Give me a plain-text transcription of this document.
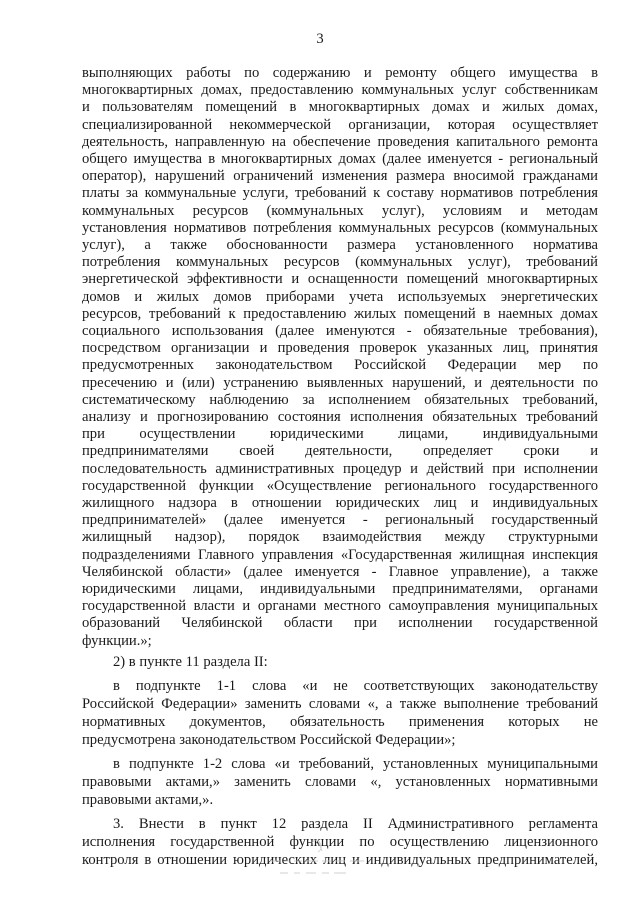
3
выполняющих работы по содержанию и ремонту общего имущества в
многоквартирных домах, предоставлению коммунальных услуг собственникам
и пользователям помещений в многоквартирных домах и жилых домах,
специализированной некоммерческой организации, которая осуществляет
деятельность, направленную на обеспечение проведения капитального ремонта
общего имущества в многоквартирных домах (далее именуется - региональный
оператор), нарушений ограничений изменения размера вносимой гражданами
платы за коммунальные услуги, требований к составу нормативов потребления
коммунальных ресурсов (коммунальных услуг), условиям и методам
установления нормативов потребления коммунальных ресурсов (коммунальных
услуг), а также обоснованности размера установленного норматива
потребления коммунальных ресурсов (коммунальных услуг), требований
энергетической эффективности и оснащенности помещений многоквартирных
домов и жилых домов приборами учета используемых энергетических
ресурсов, требований к предоставлению жилых помещений в наемных домах
социального использования (далее именуются - обязательные требования),
посредством организации и проведения проверок указанных лиц, принятия
предусмотренных законодательством Российской Федерации мер по
пресечению и (или) устранению выявленных нарушений, и деятельности по
систематическому наблюдению за исполнением обязательных требований,
анализу и прогнозированию состояния исполнения обязательных требований
при осуществлении юридическими лицами, индивидуальными
предпринимателями своей деятельности, определяет сроки и
последовательность административных процедур и действий при исполнении
государственной функции «Осуществление регионального государственного
жилищного надзора в отношении юридических лиц и индивидуальных
предпринимателей» (далее именуется - региональный государственный
жилищный надзор), порядок взаимодействия между структурными
подразделениями Главного управления «Государственная жилищная инспекция
Челябинской области» (далее именуется - Главное управление), а также
юридическими лицами, индивидуальными предпринимателями, органами
государственной власти и органами местного самоуправления муниципальных
образований Челябинской области при исполнении государственной
функции.»;
2) в пункте 11 раздела II:
в подпункте 1-1 слова «и не соответствующих законодательству
Российской Федерации» заменить словами «, а также выполнение требований
нормативных документов, обязательность применения которых не
предусмотрена законодательством Российской Федерации»;
в подпункте 1-2 слова «и требований, установленных муниципальными
правовыми актами,» заменить словами «, установленных нормативными
правовыми актами,».
3. Внести в пункт 12 раздела II Административного регламента
исполнения государственной функции по осуществлению лицензионного
контроля в отношении юридических лиц и индивидуальных предпринимателей,
